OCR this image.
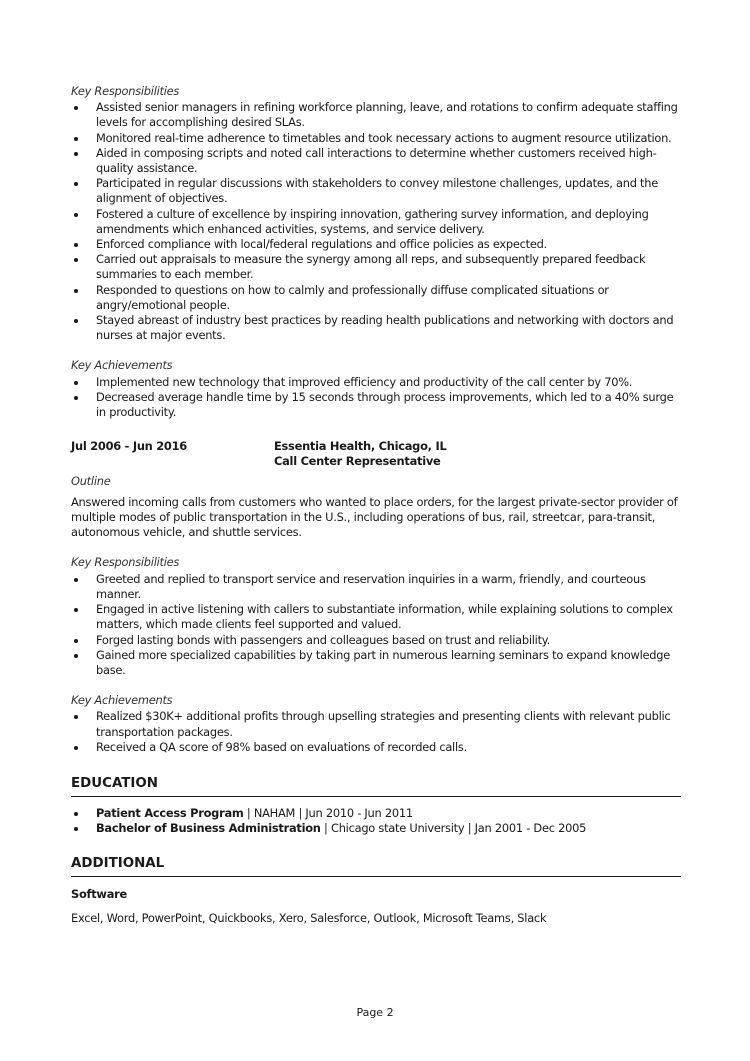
Key Responsibilities
Assisted senior managers in refining workforce planning, leave, and rotations to confirm adequate staffing levels for accomplishing desired SLAs.
Monitored real-time adherence to timetables and took necessary actions to augment resource utilization.
Aided in composing scripts and noted call interactions to determine whether customers received high-quality assistance.
Participated in regular discussions with stakeholders to convey milestone challenges, updates, and the alignment of objectives.
Fostered a culture of excellence by inspiring innovation, gathering survey information, and deploying amendments which enhanced activities, systems, and service delivery.
Enforced compliance with local/federal regulations and office policies as expected.
Carried out appraisals to measure the synergy among all reps, and subsequently prepared feedback summaries to each member.
Responded to questions on how to calmly and professionally diffuse complicated situations or angry/emotional people.
Stayed abreast of industry best practices by reading health publications and networking with doctors and nurses at major events.
Key Achievements
Implemented new technology that improved efficiency and productivity of the call center by 70%.
Decreased average handle time by 15 seconds through process improvements, which led to a 40% surge in productivity.
Jul 2006 - Jun 2016	Essentia Health, Chicago, IL
Call Center Representative
Outline
Answered incoming calls from customers who wanted to place orders, for the largest private-sector provider of multiple modes of public transportation in the U.S., including operations of bus, rail, streetcar, para-transit, autonomous vehicle, and shuttle services.
Key Responsibilities
Greeted and replied to transport service and reservation inquiries in a warm, friendly, and courteous manner.
Engaged in active listening with callers to substantiate information, while explaining solutions to complex matters, which made clients feel supported and valued.
Forged lasting bonds with passengers and colleagues based on trust and reliability.
Gained more specialized capabilities by taking part in numerous learning seminars to expand knowledge base.
Key Achievements
Realized $30K+ additional profits through upselling strategies and presenting clients with relevant public transportation packages.
Received a QA score of 98% based on evaluations of recorded calls.
EDUCATION
Patient Access Program | NAHAM | Jun 2010 - Jun 2011
Bachelor of Business Administration | Chicago state University | Jan 2001 - Dec 2005
ADDITIONAL
Software
Excel, Word, PowerPoint, Quickbooks, Xero, Salesforce, Outlook, Microsoft Teams, Slack
Page 2
